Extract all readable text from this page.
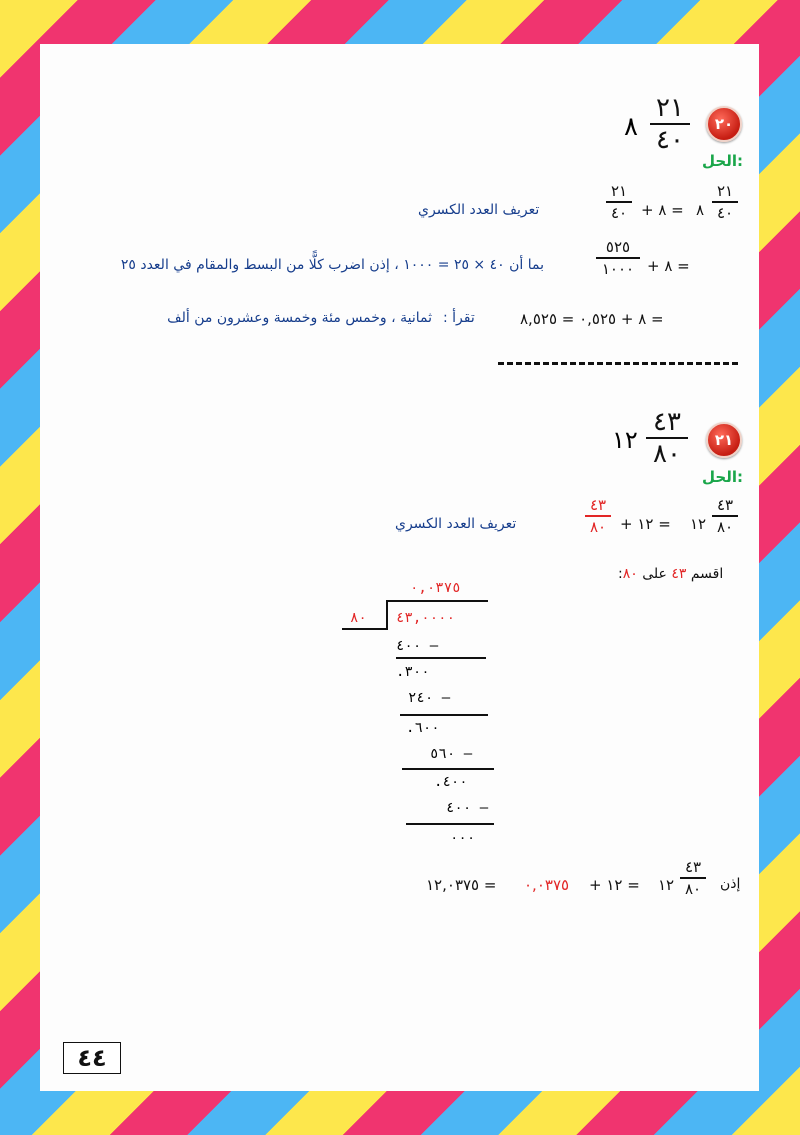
٢٠
٢١
٤٠
٨
الحل:
٢١
٤٠
٨
= ٨ +
٢١
٤٠
تعريف العدد الكسري
= ٨ +
٥٢٥
١٠٠٠
بما أن ٤٠ × ٢٥ = ١٠٠٠ ، إذن اضرب كلًّا من البسط والمقام في العدد ٢٥
= ٨ + ٠,٥٢٥ = ٨,٥٢٥
تقرأ :
ثمانية ، وخمس مئة وخمسة وعشرون من ألف
٢١
٤٣
٨٠
١٢
الحل:
٤٣
٨٠
١٢
= ١٢ +
٤٣
٨٠
تعريف العدد الكسري
اقسم ٤٣ على ٨٠:
٠,٠٣٧٥
٨٠ ٤٣,٠٠٠٠
٤٠٠ –
.٣٠٠
٢٤٠ –
.٦٠٠
٥٦٠ –
.٤٠٠
٤٠٠ –
٠٠٠
إذن
٤٣
٨٠
١٢
= ١٢ +
٠,٠٣٧٥
= ١٢,٠٣٧٥
٤٤
